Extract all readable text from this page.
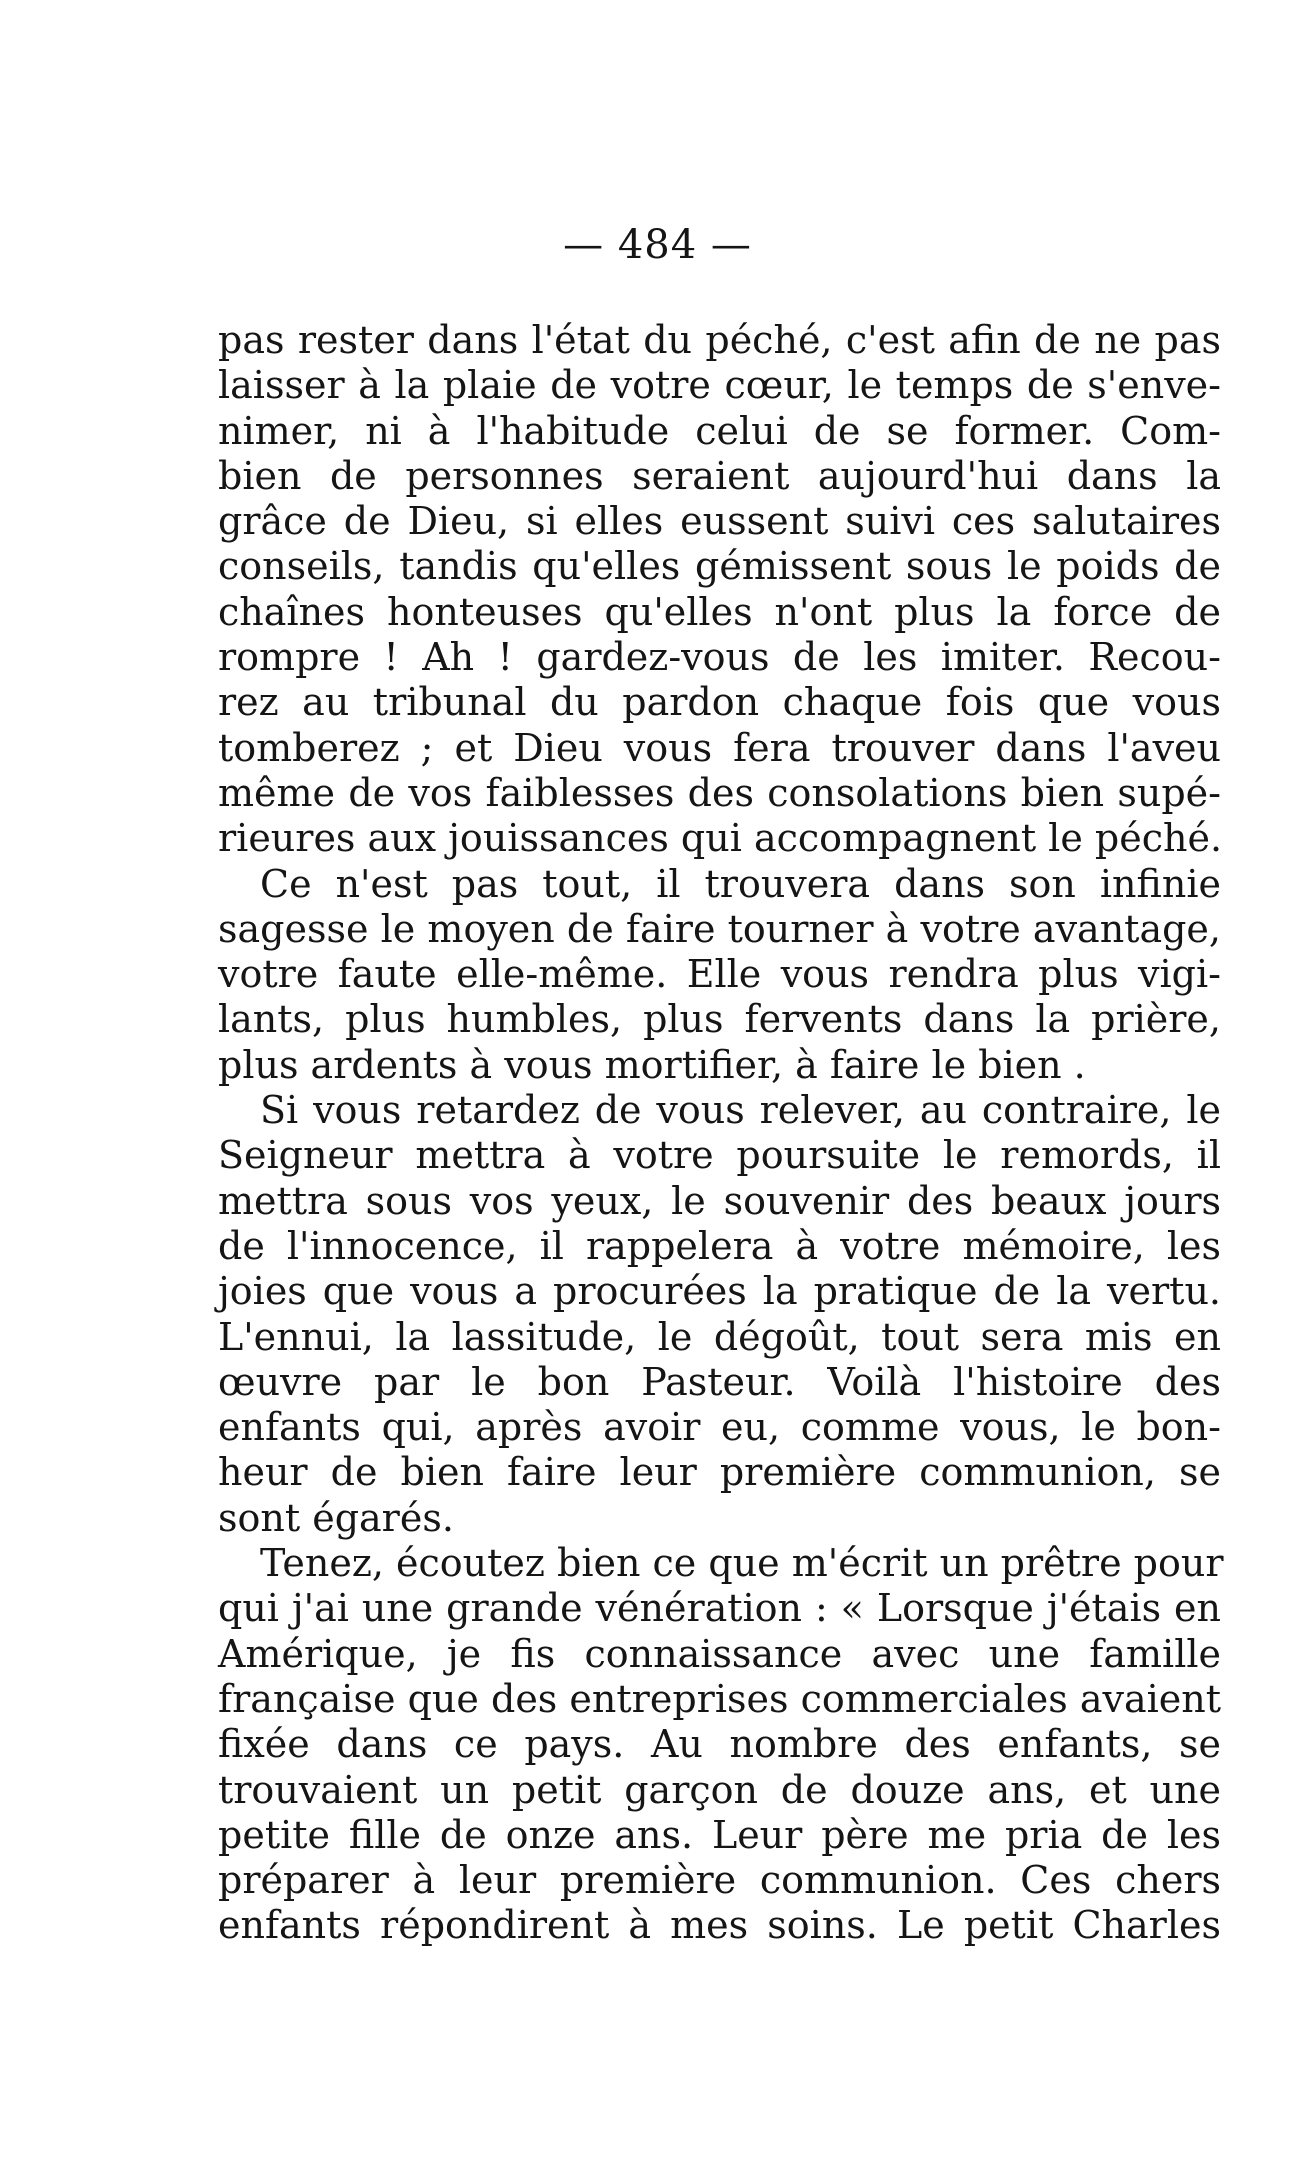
— 484 —
pas rester dans l'état du péché, c'est afin de ne pas
laisser à la plaie de votre cœur, le temps de s'enve-
nimer, ni à l'habitude celui de se former. Com-
bien de personnes seraient aujourd'hui dans la
grâce de Dieu, si elles eussent suivi ces salutaires
conseils, tandis qu'elles gémissent sous le poids de
chaînes honteuses qu'elles n'ont plus la force de
rompre ! Ah ! gardez-vous de les imiter. Recou-
rez au tribunal du pardon chaque fois que vous
tomberez ; et Dieu vous fera trouver dans l'aveu
même de vos faiblesses des consolations bien supé-
rieures aux jouissances qui accompagnent le péché.
Ce n'est pas tout, il trouvera dans son infinie
sagesse le moyen de faire tourner à votre avantage,
votre faute elle-même. Elle vous rendra plus vigi-
lants, plus humbles, plus fervents dans la prière,
plus ardents à vous mortifier, à faire le bien .
Si vous retardez de vous relever, au contraire, le
Seigneur mettra à votre poursuite le remords, il
mettra sous vos yeux, le souvenir des beaux jours
de l'innocence, il rappelera à votre mémoire, les
joies que vous a procurées la pratique de la vertu.
L'ennui, la lassitude, le dégoût, tout sera mis en
œuvre par le bon Pasteur. Voilà l'histoire des
enfants qui, après avoir eu, comme vous, le bon-
heur de bien faire leur première communion, se
sont égarés.
Tenez, écoutez bien ce que m'écrit un prêtre pour
qui j'ai une grande vénération : « Lorsque j'étais en
Amérique, je fis connaissance avec une famille
française que des entreprises commerciales avaient
fixée dans ce pays. Au nombre des enfants, se
trouvaient un petit garçon de douze ans, et une
petite fille de onze ans. Leur père me pria de les
préparer à leur première communion. Ces chers
enfants répondirent à mes soins. Le petit Charles
